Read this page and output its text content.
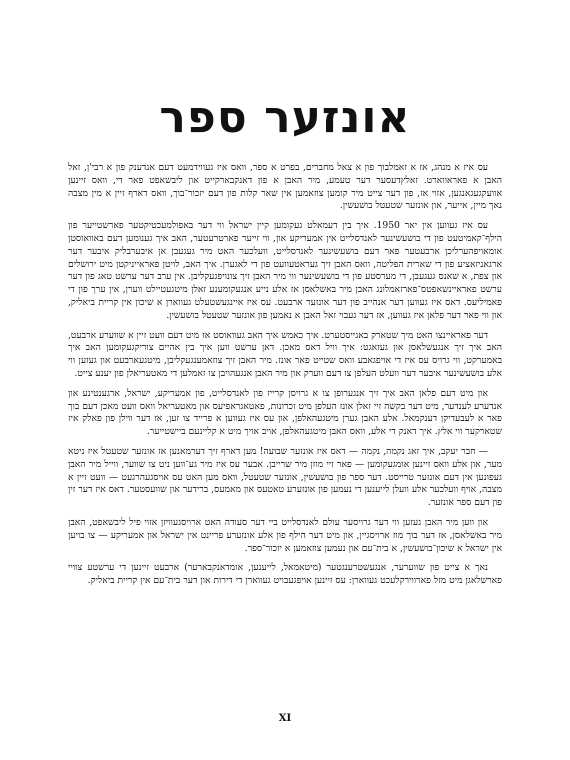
אונזער ספר

עס איז א מנהג, אז א זאמלבוך פון א צאל מחברים, בפרט א ספר, וואס איז געווידמעט דעם אנדענק פון א רבי'ן, זאל האבן א פאראווארט. זאלץדעסער דער טעמע, מיר האבן א פון דאנקבארקייט און ליבשאפט פאר די, וואס זיינען אוועקגעגאנגען, אזוי אז, פון דער צייט מיר קומען צוזאמען אין שאר קלות פון דעם יזכור־בוך, וואס דארף זיין א מין מצבה נאך מיין, אייער, און אונזער שטעטל בושעשין.

עס איז געווען אין יאר 1950. איך בין דעמאלט געקומען קיין ישראל ווי דער באפולמעכטיקטער פארשטייער פון הילף־קאמיטעט פון די בושעשינער לאנדסלייט אין אמעריקע און, ווי זייער פארטרעטער, האב איך גענומען דעם באוואוסטן אומאויפהערליכן ארבעטער פאר דעם בושעשינער לאנדסלייט, וועלכער האט מיר געגעבן אן איבערבליק איבער דער ארגאניזאציע פון די שארית הפליטה, וואס האבן זיך געראטעוועט פון די לאגערן. איך האב, לויטן פאראייניקטן מיט ירושלים און צפת, א שאנס געגעבן, די מערסטע פון די בושעשינער ווי מיר האבן זיך צונויפגעקליבן. אין ערב דער ערשט טאג פון דער ערשט פאראיינשאפטס־פארזאמלונג האבן מיר באשלאסן אז אלע נייע אנגעקומענע זאלן מיטגעטיילט ווערן, אין ערך פון די פאמיליעס. דאס איז געווען דער אנהייב פון דער אונזער ארבעט. עס איז איינגעשטעלט געווארן א שיכון אין קריית ביאליק, און ווי פאר דער פלאן איז געווען, אז דער געבוי זאל האבן א נאמען פון אונזער שטעטל בושעשין.

דער פאראיינצו האט מיך שטארק באגייסטערט. איך כאמש איך האב געוואוסט אז מיט דעם וועט זיין א שווערע ארבעט, האב איך זיך אנגעשלאסן און געזאגט: איך וויל דאס מאכן. דאן ערשט ווען איך בין אהיים צוריקגעקומען האב איך באמערקט, ווי גרויס עס איז די אויפגאבע וואס שטייט פאר אונז. מיר האבן זיך צוזאמענגעקליבן, מיטגעארבעט און געזען ווי אלע בושעשינער איבער דער וועלט העלפן צו דעם ווערק און מיר האבן אנגעהויבן צו זאמלען די מאטעריאלן פון יענע צייט.

און מיט דעם פלאן האב איך זיך אנגערופן צו א גרויסן קרייז פון לאנדסלייט, פון אמעריקע, ישראל, ארגענטינע און אנדערע לענדער, מיט דער בקשה זיי זאלן אונז העלפן מיט זכרונות, פאטאגראפיעס און מאטעריאל וואס וועט מאכן דעם בוך פאר א לעבעדיקן דענקמאל. אלע האבן גערן מיטגעהאלפן, און עס איז געווען א פרייד צו זען, אז דער ווילן פון פאלק איז שטארקער ווי אלץ. איך דאנק די אלע, וואס האבן מיטגעהאלפן, אויב אויך מיט א קליינעם ביישטייער.

— חבר יעקב, איך זאג נקמה, נקמה — דאס איז אונזער שבועה! מען דארף זיך דערמאנען אז אונזער שטעטל איז ניטא מער, און אלע וואס זיינען אומגעקומען — פאר זיי מוזן מיר שרייבן. אבער עס איז מיר גע־ווען ניט צו שווער, ווייל מיר האבן געפונען אין דעם אונזער טרייסט. דער ספר פון בושעשין, אונזער שטעטל, וואס מען האט עס אויסגעהרגעט — וועט זיין א מצבה, אויף וועלכער אלע וועלן לייענען די נעמען פון אונזערע טאטעס און מאמעס, ברידער און שוועסטער. דאס איז דער זין פון דעם ספר אונזער.

און ווען מיר האבן געזען ווי דער גרויסער עולם לאנדסלייט ביי דער סעודה האט ארויסגעוויזן אזוי פיל ליבשאפט, האבן מיר באשלאסן, אז דער בוך מוז ארויסגיין, און מיט דער הילף פון אלע אונזערע פריינט אין ישראל און אמעריקע — צו בויען אין ישראל א שיכון־בושעשין, א בית־עם און נעמען צוזאמען א יזכור־ספר.

נאך א צייט פון שווערער, אנגעשטרענגטער (מיטאמאל, לייענען, אומדאנקבארער) ארבעט זיינען די ערשטע צוויי פארשלאגן מיט מזל פארווירקלעכט געווארן: עס זיינען אויפגעבויט געווארן די דירות און דער בית־עם אין קריית ביאליק.

XI
